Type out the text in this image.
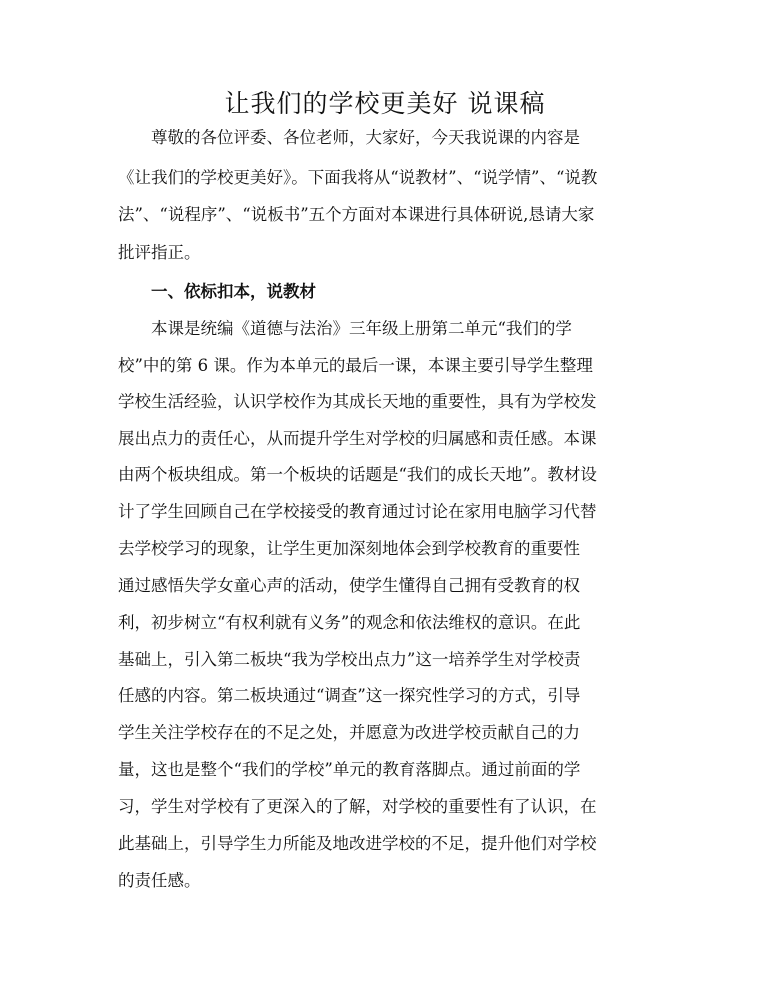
让我们的学校更美好 说课稿
尊敬的各位评委、各位老师，大家好，今天我说课的内容是
《让我们的学校更美好》。下面我将从“说教材”、“说学情”、“说教
法”、“说程序”、“说板书”五个方面对本课进行具体研说,恳请大家
批评指正。
一、依标扣本，说教材
本课是统编《道德与法治》三年级上册第二单元“我们的学
校”中的第 6 课。作为本单元的最后一课，本课主要引导学生整理
学校生活经验，认识学校作为其成长天地的重要性，具有为学校发
展出点力的责任心，从而提升学生对学校的归属感和责任感。本课
由两个板块组成。第一个板块的话题是“我们的成长天地”。教材设
计了学生回顾自己在学校接受的教育通过讨论在家用电脑学习代替
去学校学习的现象，让学生更加深刻地体会到学校教育的重要性
通过感悟失学女童心声的活动，使学生懂得自己拥有受教育的权
利，初步树立“有权利就有义务”的观念和依法维权的意识。在此
基础上，引入第二板块“我为学校出点力”这一培养学生对学校责
任感的内容。第二板块通过“调查”这一探究性学习的方式，引导
学生关注学校存在的不足之处，并愿意为改进学校贡献自己的力
量，这也是整个“我们的学校”单元的教育落脚点。通过前面的学
习，学生对学校有了更深入的了解，对学校的重要性有了认识，在
此基础上，引导学生力所能及地改进学校的不足，提升他们对学校
的责任感。
